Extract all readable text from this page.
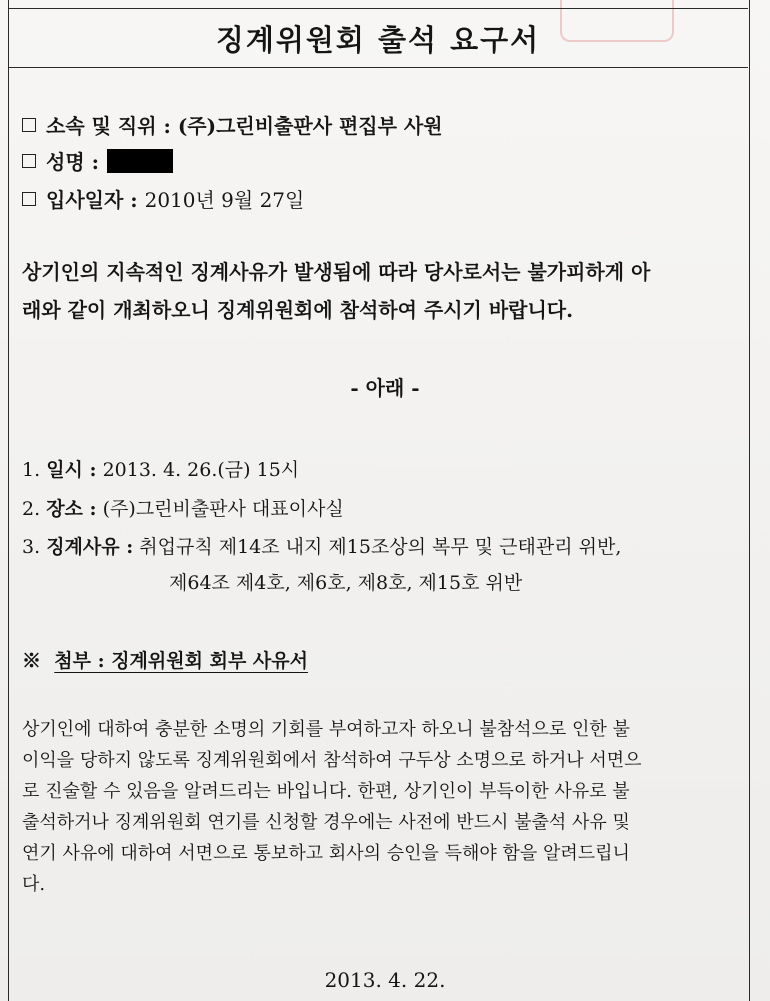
징계위원회 출석 요구서
소속 및 직위 :
(주)그린비출판사 편집부 사원
성명 :
입사일자 :
2010년 9월 27일
상기인의 지속적인 징계사유가 발생됨에 따라 당사로서는 불가피하게 아
래와 같이 개최하오니 징계위원회에 참석하여 주시기 바랍니다.
- 아래 -
1. 일시 : 2013. 4. 26.(금) 15시
2. 장소 : (주)그린비출판사 대표이사실
3. 징계사유 : 취업규칙 제14조 내지 제15조상의 복무 및 근태관리 위반,
제64조 제4호, 제6호, 제8호, 제15호 위반
※ 첨부 : 징계위원회 회부 사유서
상기인에 대하여 충분한 소명의 기회를 부여하고자 하오니 불참석으로 인한 불
이익을 당하지 않도록 징계위원회에서 참석하여 구두상 소명으로 하거나 서면으
로 진술할 수 있음을 알려드리는 바입니다. 한편, 상기인이 부득이한 사유로 불
출석하거나 징계위원회 연기를 신청할 경우에는 사전에 반드시 불출석 사유 및
연기 사유에 대하여 서면으로 통보하고 회사의 승인을 득해야 함을 알려드립니
다.
2013. 4. 22.
